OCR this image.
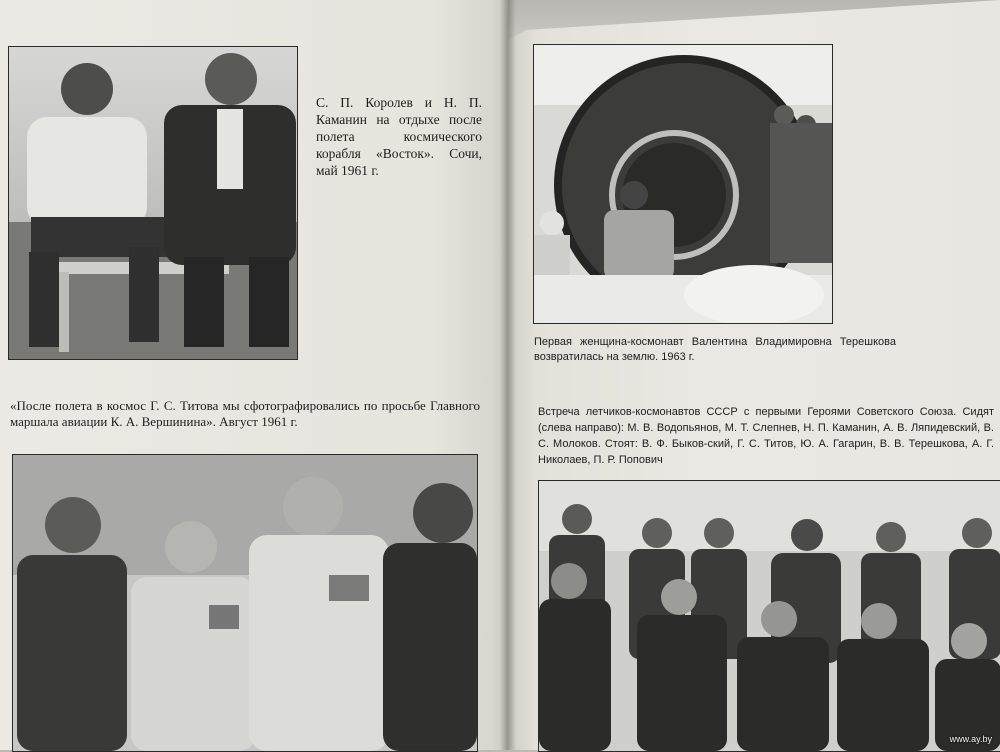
С. П. Королев и Н. П. Каманин на отдыхе после полета космического корабля «Восток». Сочи, май 1961 г.

«После полета в космос Г. С. Титова мы сфотографировались по просьбе Главного маршала авиации К. А. Вершинина». Август 1961 г.

Первая женщина-космонавт Валентина Владимировна Терешкова возвратилась на землю. 1963 г.

Встреча летчиков-космонавтов СССР с первыми Героями Советского Союза. Сидят (слева направо): М. В. Водопьянов, М. Т. Слепнев, Н. П. Каманин, А. В. Ляпидевский, В. С. Молоков. Стоят: В. Ф. Быков-ский, Г. С. Титов, Ю. А. Гагарин, В. В. Терешкова, А. Г. Николаев, П. Р. Попович

www.ay.by
